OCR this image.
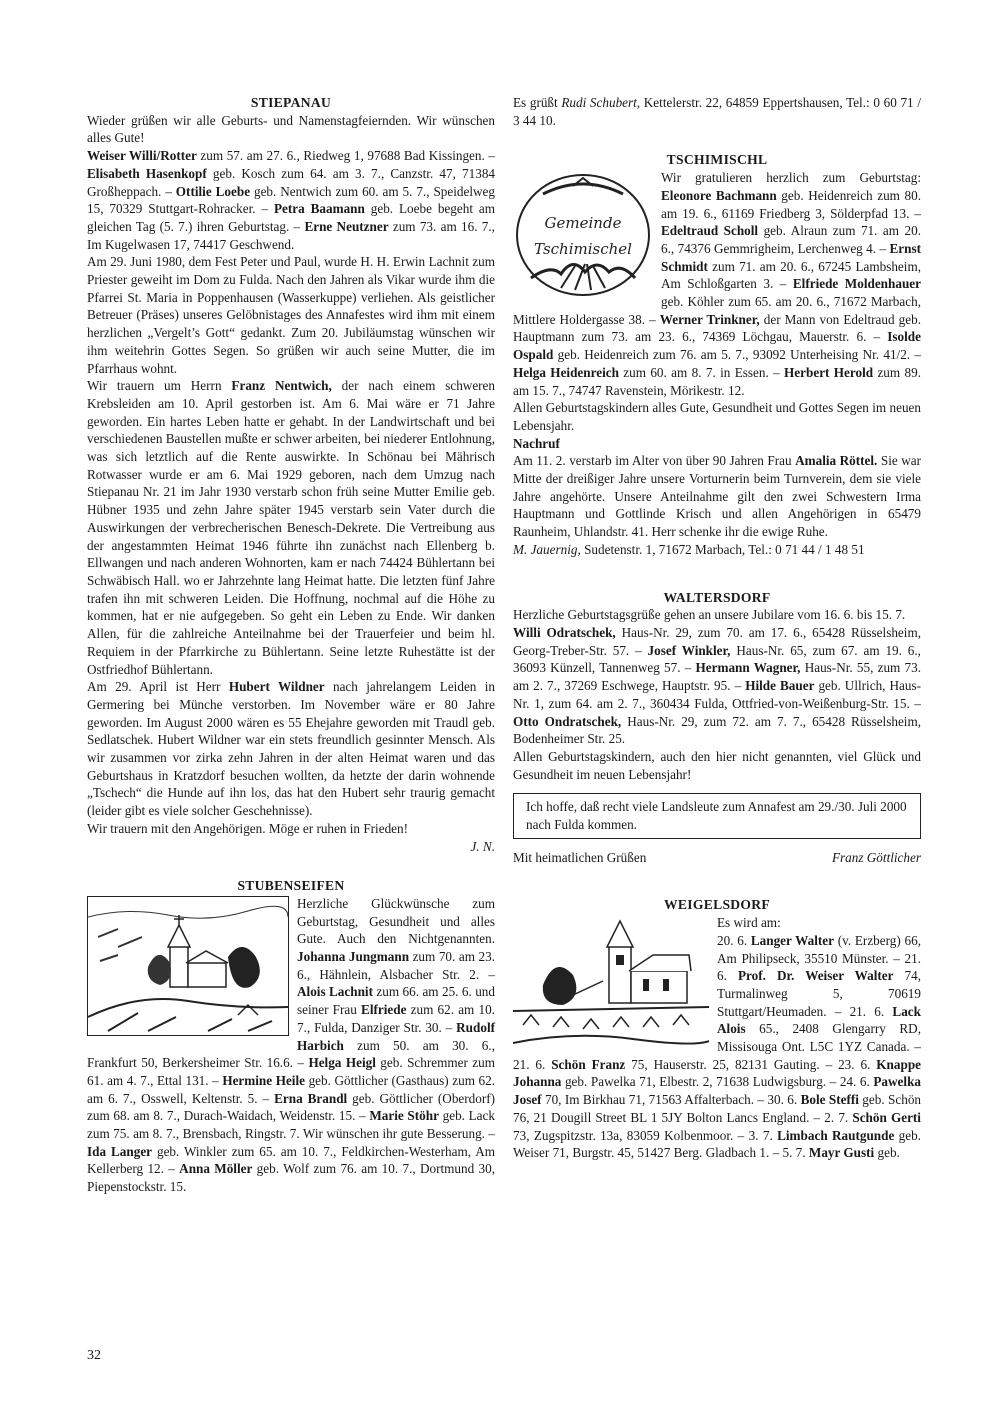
STIEPANAU

Wieder grüßen wir alle Geburts- und Namenstagfeiernden. Wir wünschen alles Gute!

Weiser Willi/Rotter zum 57. am 27. 6., Riedweg 1, 97688 Bad Kissingen. – Elisabeth Hasenkopf geb. Kosch zum 64. am 3. 7., Canzstr. 47, 71384 Großheppach. – Ottilie Loebe geb. Nentwich zum 60. am 5. 7., Speidelweg 15, 70329 Stuttgart-Rohracker. – Petra Baamann geb. Loebe begeht am gleichen Tag (5. 7.) ihren Geburtstag. – Erne Neutzner zum 73. am 16. 7., Im Kugelwasen 17, 74417 Geschwend.

Am 29. Juni 1980, dem Fest Peter und Paul, wurde H. H. Erwin Lachnit zum Priester geweiht im Dom zu Fulda. Nach den Jahren als Vikar wurde ihm die Pfarrei St. Maria in Poppenhausen (Wasserkuppe) verliehen. Als geistlicher Betreuer (Präses) unseres Gelöbnistages des Annafestes wird ihm mit einem herzlichen „Vergelt’s Gott“ gedankt. Zum 20. Jubiläumstag wünschen wir ihm weitehrin Gottes Segen. So grüßen wir auch seine Mutter, die im Pfarrhaus wohnt.

Wir trauern um Herrn Franz Nentwich, der nach einem schweren Krebsleiden am 10. April gestorben ist. Am 6. Mai wäre er 71 Jahre geworden. Ein hartes Leben hatte er gehabt. In der Landwirtschaft und bei verschiedenen Baustellen mußte er schwer arbeiten, bei niederer Entlohnung, was sich letztlich auf die Rente auswirkte. In Schönau bei Mährisch Rotwasser wurde er am 6. Mai 1929 geboren, nach dem Umzug nach Stiepanau Nr. 21 im Jahr 1930 verstarb schon früh seine Mutter Emilie geb. Hübner 1935 und zehn Jahre später 1945 verstarb sein Vater durch die Auswirkungen der verbrecherischen Benesch-Dekrete. Die Vertreibung aus der angestammten Heimat 1946 führte ihn zunächst nach Ellenberg b. Ellwangen und nach anderen Wohnorten, kam er nach 74424 Bühlertann bei Schwäbisch Hall. wo er Jahrzehnte lang Heimat hatte. Die letzten fünf Jahre trafen ihn mit schweren Leiden. Die Hoffnung, nochmal auf die Höhe zu kommen, hat er nie aufgegeben. So geht ein Leben zu Ende. Wir danken Allen, für die zahlreiche Anteilnahme bei der Trauerfeier und beim hl. Requiem in der Pfarrkirche zu Bühlertann. Seine letzte Ruhestätte ist der Ostfriedhof Bühlertann.

Am 29. April ist Herr Hubert Wildner nach jahrelangem Leiden in Germering bei Münche verstorben. Im November wäre er 80 Jahre geworden. Im August 2000 wären es 55 Ehejahre geworden mit Traudl geb. Sedlatschek. Hubert Wildner war ein stets freundlich gesinnter Mensch. Als wir zusammen vor zirka zehn Jahren in der alten Heimat waren und das Geburtshaus in Kratzdorf besuchen wollten, da hetzte der darin wohnende „Tschech“ die Hunde auf ihn los, das hat den Hubert sehr traurig gemacht (leider gibt es viele solcher Geschehnisse).

Wir trauern mit den Angehörigen. Möge er ruhen in Frieden!

J. N.

STUBENSEIFEN

Herzliche Glückwünsche zum Geburtstag, Gesundheit und alles Gute. Auch den Nichtgenannten. Johanna Jungmann zum 70. am 23. 6., Hähnlein, Alsbacher Str. 2. – Alois Lachnit zum 66. am 25. 6. und seiner Frau Elfriede zum 62. am 10. 7., Fulda, Danziger Str. 30. – Rudolf Harbich zum 50. am 30. 6., Frankfurt 50, Berkersheimer Str. 16.6. – Helga Heigl geb. Schremmer zum 61. am 4. 7., Ettal 131. – Hermine Heile geb. Göttlicher (Gasthaus) zum 62. am 6. 7., Osswell, Keltenstr. 5. – Erna Brandl geb. Göttlicher (Oberdorf) zum 68. am 8. 7., Durach-Waidach, Weidenstr. 15. – Marie Stöhr geb. Lack zum 75. am 8. 7., Brensbach, Ringstr. 7. Wir wünschen ihr gute Besserung. – Ida Langer geb. Winkler zum 65. am 10. 7., Feldkirchen-Westerham, Am Kellerberg 12. – Anna Möller geb. Wolf zum 76. am 10. 7., Dortmund 30, Piepenstockstr. 15.

Es grüßt Rudi Schubert, Kettelerstr. 22, 64859 Eppertshausen, Tel.: 0 60 71 / 3 44 10.

TSCHIMISCHL

Gemeinde
Tschimischel

Wir gratulieren herzlich zum Geburtstag: Eleonore Bachmann geb. Heidenreich zum 80. am 19. 6., 61169 Friedberg 3, Sölderpfad 13. – Edeltraud Scholl geb. Alraun zum 71. am 20. 6., 74376 Gemmrigheim, Lerchenweg 4. – Ernst Schmidt zum 71. am 20. 6., 67245 Lambsheim, Am Schloßgarten 3. – Elfriede Moldenhauer geb. Köhler zum 65. am 20. 6., 71672 Marbach, Mittlere Holdergasse 38. – Werner Trinkner, der Mann von Edeltraud geb. Hauptmann zum 73. am 23. 6., 74369 Löchgau, Mauerstr. 6. – Isolde Ospald geb. Heidenreich zum 76. am 5. 7., 93092 Unterheising Nr. 41/2. – Helga Heidenreich zum 60. am 8. 7. in Essen. – Herbert Herold zum 89. am 15. 7., 74747 Ravenstein, Mörikestr. 12.

Allen Geburtstagskindern alles Gute, Gesundheit und Gottes Segen im neuen Lebensjahr.

Nachruf

Am 11. 2. verstarb im Alter von über 90 Jahren Frau Amalia Röttel. Sie war Mitte der dreißiger Jahre unsere Vorturnerin beim Turnverein, dem sie viele Jahre angehörte. Unsere Anteilnahme gilt den zwei Schwestern Irma Hauptmann und Gottlinde Krisch und allen Angehörigen in 65479 Raunheim, Uhlandstr. 41. Herr schenke ihr die ewige Ruhe.

M. Jauernig, Sudetenstr. 1, 71672 Marbach, Tel.: 0 71 44 / 1 48 51

WALTERSDORF

Herzliche Geburtstagsgrüße gehen an unsere Jubilare vom 16. 6. bis 15. 7.

Willi Odratschek, Haus-Nr. 29, zum 70. am 17. 6., 65428 Rüsselsheim, Georg-Treber-Str. 57. – Josef Winkler, Haus-Nr. 65, zum 67. am 19. 6., 36093 Künzell, Tannenweg 57. – Hermann Wagner, Haus-Nr. 55, zum 73. am 2. 7., 37269 Eschwege, Hauptstr. 95. – Hilde Bauer geb. Ullrich, Haus-Nr. 1, zum 64. am 2. 7., 360434 Fulda, Ottfried-von-Weißenburg-Str. 15. – Otto Ondratschek, Haus-Nr. 29, zum 72. am 7. 7., 65428 Rüsselsheim, Bodenheimer Str. 25.

Allen Geburtstagskindern, auch den hier nicht genannten, viel Glück und Gesundheit im neuen Lebensjahr!

Ich hoffe, daß recht viele Landsleute zum Annafest am 29./30. Juli 2000 nach Fulda kommen.

Mit heimatlichen Grüßen	Franz Göttlicher

WEIGELSDORF

Es wird am:
20. 6. Langer Walter (v. Erzberg) 66, Am Philipseck, 35510 Münster. – 21. 6. Prof. Dr. Weiser Walter 74, Turmalinweg 5, 70619 Stuttgart/Heumaden. – 21. 6. Lack Alois 65., 2408 Glengarry RD, Missisouga Ont. L5C 1YZ Canada. – 21. 6. Schön Franz 75, Hauserstr. 25, 82131 Gauting. – 23. 6. Knappe Johanna geb. Pawelka 71, Elbestr. 2, 71638 Ludwigsburg. – 24. 6. Pawelka Josef 70, Im Birkhau 71, 71563 Affalterbach. – 30. 6. Bole Steffi geb. Schön 76, 21 Dougill Street BL 1 5JY Bolton Lancs England. – 2. 7. Schön Gerti 73, Zugspitzstr. 13a, 83059 Kolbenmoor. – 3. 7. Limbach Rautgunde geb. Weiser 71, Burgstr. 45, 51427 Berg. Gladbach 1. – 5. 7. Mayr Gusti geb.

32
